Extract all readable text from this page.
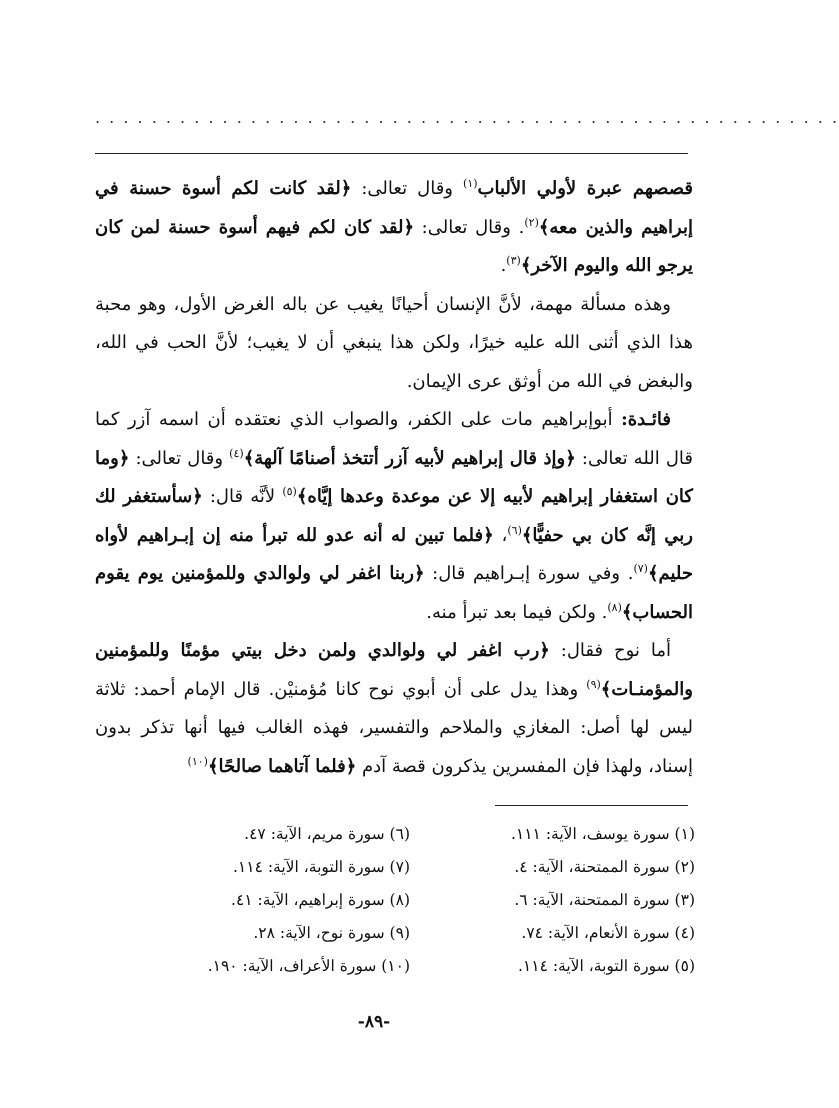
. . . . . . . . . . . . . . . . . . . . . . . . . . . . . . . . . . . . . . . . . . . . . . . . . . . . .

قصصهم عبرة لأولي الألباب$^{(١)}$ وقال تعالى: ﴿لقد كانت لكم أسوة حسنة في إبراهيم والذين معه﴾$^{(٢)}$. وقال تعالى: ﴿لقد كان لكم فيهم أسوة حسنة لمن كان يرجو الله واليوم الآخر﴾$^{(٣)}$.

وهذه مسألة مهمة، لأنَّ الإنسان أحيانًا يغيب عن باله الغرض الأول، وهو محبة هذا الذي أثنى الله عليه خيرًا، ولكن هذا ينبغي أن لا يغيب؛ لأنَّ الحب في الله، والبغض في الله من أوثق عرى الإيمان.

فائـدة: أبوإبراهيم مات على الكفر، والصواب الذي نعتقده أن اسمه آزر كما قال الله تعالى: ﴿وإذ قال إبراهيم لأبيه آزر أتتخذ أصنامًا آلهة﴾$^{(٤)}$ وقال تعالى: ﴿وما كان استغفار إبراهيم لأبيه إلا عن موعدة وعدها إيَّاه﴾$^{(٥)}$ لأنَّه قال: ﴿سأستغفر لك ربي إنَّه كان بي حفيًّا﴾$^{(٦)}$، ﴿فلما تبين له أنه عدو لله تبرأ منه إن إبـراهيم لأواه حليم﴾$^{(٧)}$. وفي سورة إبـراهيم قال: ﴿ربنا اغفر لي ولوالدي وللمؤمنين يوم يقوم الحساب﴾$^{(٨)}$. ولكن فيما بعد تبرأ منه.

أما نوح فقال: ﴿رب اغفر لي ولوالدي ولمن دخل بيتي مؤمنًا وللمؤمنين والمؤمنـات﴾$^{(٩)}$ وهذا يدل على أن أبوي نوح كانا مُؤمنيْن. قال الإمام أحمد: ثلاثة ليس لها أصل: المغازي والملاحم والتفسير، فهذه الغالب فيها أنها تذكر بدون إسناد، ولهذا فإن المفسرين يذكرون قصة آدم ﴿فلما آتاهما صالحًا﴾$^{(١٠)}$

(١) سورة يوسف، الآية: ١١١.
(٢) سورة الممتحنة، الآية: ٤.
(٣) سورة الممتحنة، الآية: ٦.
(٤) سورة الأنعام، الآية: ٧٤.
(٥) سورة التوبة، الآية: ١١٤.
(٦) سورة مريم، الآية: ٤٧.
(٧) سورة التوبة، الآية: ١١٤.
(٨) سورة إبراهيم، الآية: ٤١.
(٩) سورة نوح، الآية: ٢٨.
(١٠) سورة الأعراف، الآية: ١٩٠.
-٨٩-
